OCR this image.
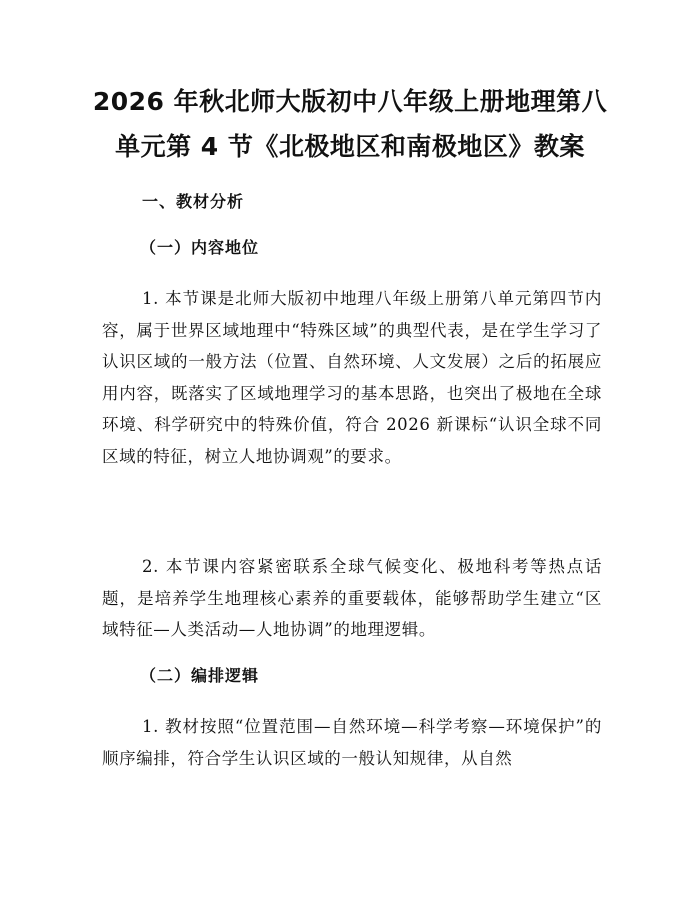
2026 年秋北师大版初中八年级上册地理第八
单元第 4 节《北极地区和南极地区》教案
一、教材分析
（一）内容地位

1. 本节课是北师大版初中地理八年级上册第八单元第四节内容，属于世界区域地理中“特殊区域”的典型代表，是在学生学习了认识区域的一般方法（位置、自然环境、人文发展）之后的拓展应用内容，既落实了区域地理学习的基本思路，也突出了极地在全球环境、科学研究中的特殊价值，符合 2026 新课标“认识全球不同区域的特征，树立人地协调观”的要求。

2. 本节课内容紧密联系全球气候变化、极地科考等热点话题，是培养学生地理核心素养的重要载体，能够帮助学生建立“区域特征—人类活动—人地协调”的地理逻辑。

（二）编排逻辑

1. 教材按照“位置范围—自然环境—科学考察—环境保护”的顺序编排，符合学生认识区域的一般认知规律，从自然
